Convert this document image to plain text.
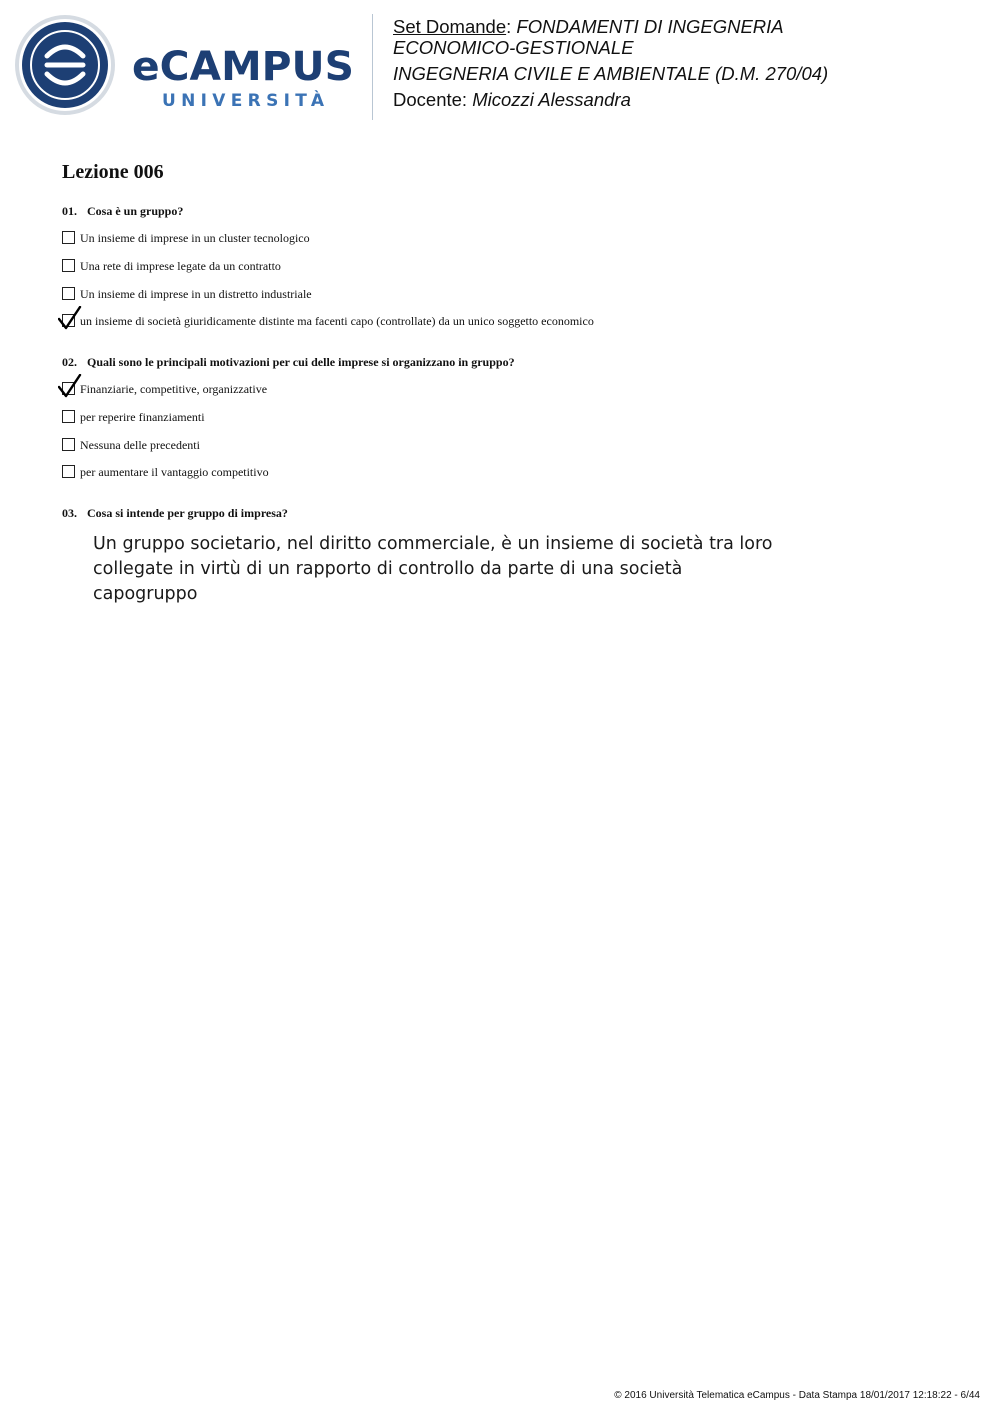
eCAMPUS
UNIVERSITÀ
Set Domande: FONDAMENTI DI INGEGNERIA
ECONOMICO-GESTIONALE
INGEGNERIA CIVILE E AMBIENTALE (D.M. 270/04)
Docente: Micozzi Alessandra
Lezione 006

01. Cosa è un gruppo?

Un insieme di imprese in un cluster tecnologico
Una rete di imprese legate da un contratto
Un insieme di imprese in un distretto industriale
un insieme di società giuridicamente distinte ma facenti capo (controllate) da un unico soggetto economico

02. Quali sono le principali motivazioni per cui delle imprese si organizzano in gruppo?

Finanziarie, competitive, organizzative
per reperire finanziamenti
Nessuna delle precedenti
per aumentare il vantaggio competitivo

03. Cosa si intende per gruppo di impresa?

Un gruppo societario, nel diritto commerciale, è un insieme di società tra loro
collegate in virtù di un rapporto di controllo da parte di una società capogruppo

© 2016 Università Telematica eCampus - Data Stampa 18/01/2017 12:18:22 - 6/44
